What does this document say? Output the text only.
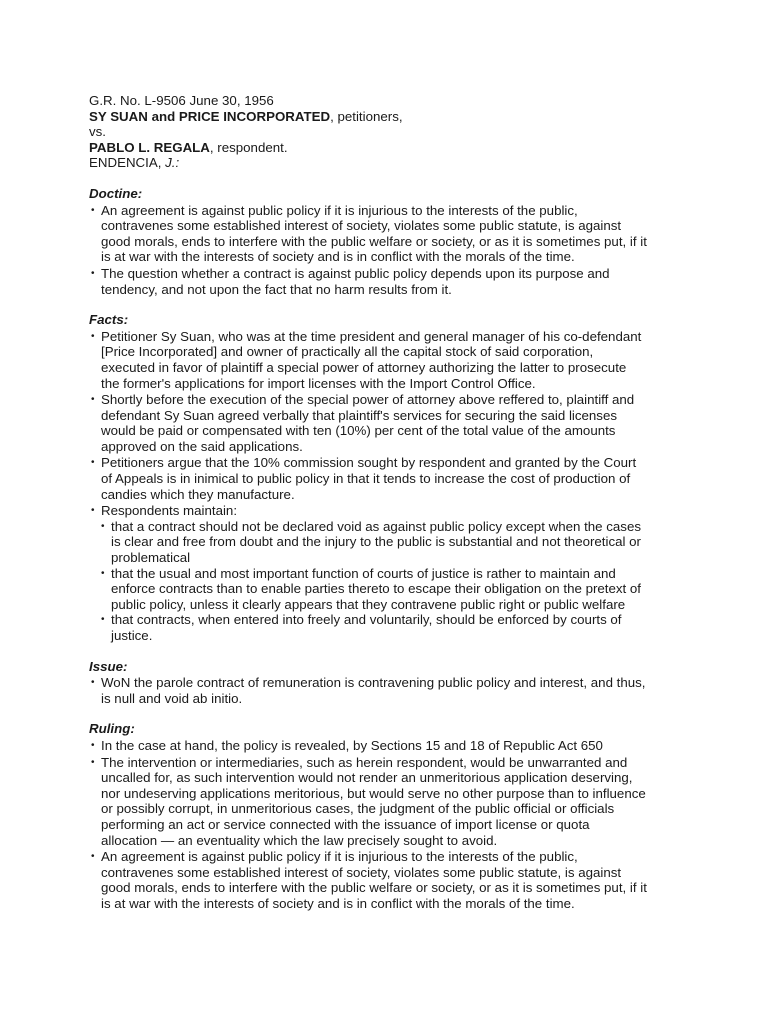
G.R. No. L-9506 June 30, 1956
SY SUAN and PRICE INCORPORATED, petitioners,
vs.
PABLO L. REGALA, respondent.
ENDENCIA, J.:
Doctine:
• An agreement is against public policy if it is injurious to the interests of the public,
contravenes some established interest of society, violates some public statute, is against
good morals, ends to interfere with the public welfare or society, or as it is sometimes put, if it
is at war with the interests of society and is in conflict with the morals of the time.
• The question whether a contract is against public policy depends upon its purpose and
tendency, and not upon the fact that no harm results from it.
Facts:
• Petitioner Sy Suan, who was at the time president and general manager of his co-defendant
[Price Incorporated] and owner of practically all the capital stock of said corporation,
executed in favor of plaintiff a special power of attorney authorizing the latter to prosecute
the former's applications for import licenses with the Import Control Office.
• Shortly before the execution of the special power of attorney above reffered to, plaintiff and
defendant Sy Suan agreed verbally that plaintiff's services for securing the said licenses
would be paid or compensated with ten (10%) per cent of the total value of the amounts
approved on the said applications.
• Petitioners argue that the 10% commission sought by respondent and granted by the Court
of Appeals is in inimical to public policy in that it tends to increase the cost of production of
candies which they manufacture.
• Respondents maintain:
• that a contract should not be declared void as against public policy except when the cases
is clear and free from doubt and the injury to the public is substantial and not theoretical or
problematical
• that the usual and most important function of courts of justice is rather to maintain and
enforce contracts than to enable parties thereto to escape their obligation on the pretext of
public policy, unless it clearly appears that they contravene public right or public welfare
• that contracts, when entered into freely and voluntarily, should be enforced by courts of
justice.
Issue:
• WoN the parole contract of remuneration is contravening public policy and interest, and thus,
is null and void ab initio.
Ruling:
• In the case at hand, the policy is revealed, by Sections 15 and 18 of Republic Act 650
• The intervention or intermediaries, such as herein respondent, would be unwarranted and
uncalled for, as such intervention would not render an unmeritorious application deserving,
nor undeserving applications meritorious, but would serve no other purpose than to influence
or possibly corrupt, in unmeritorious cases, the judgment of the public official or officials
performing an act or service connected with the issuance of import license or quota
allocation — an eventuality which the law precisely sought to avoid.
• An agreement is against public policy if it is injurious to the interests of the public,
contravenes some established interest of society, violates some public statute, is against
good morals, ends to interfere with the public welfare or society, or as it is sometimes put, if it
is at war with the interests of society and is in conflict with the morals of the time.
